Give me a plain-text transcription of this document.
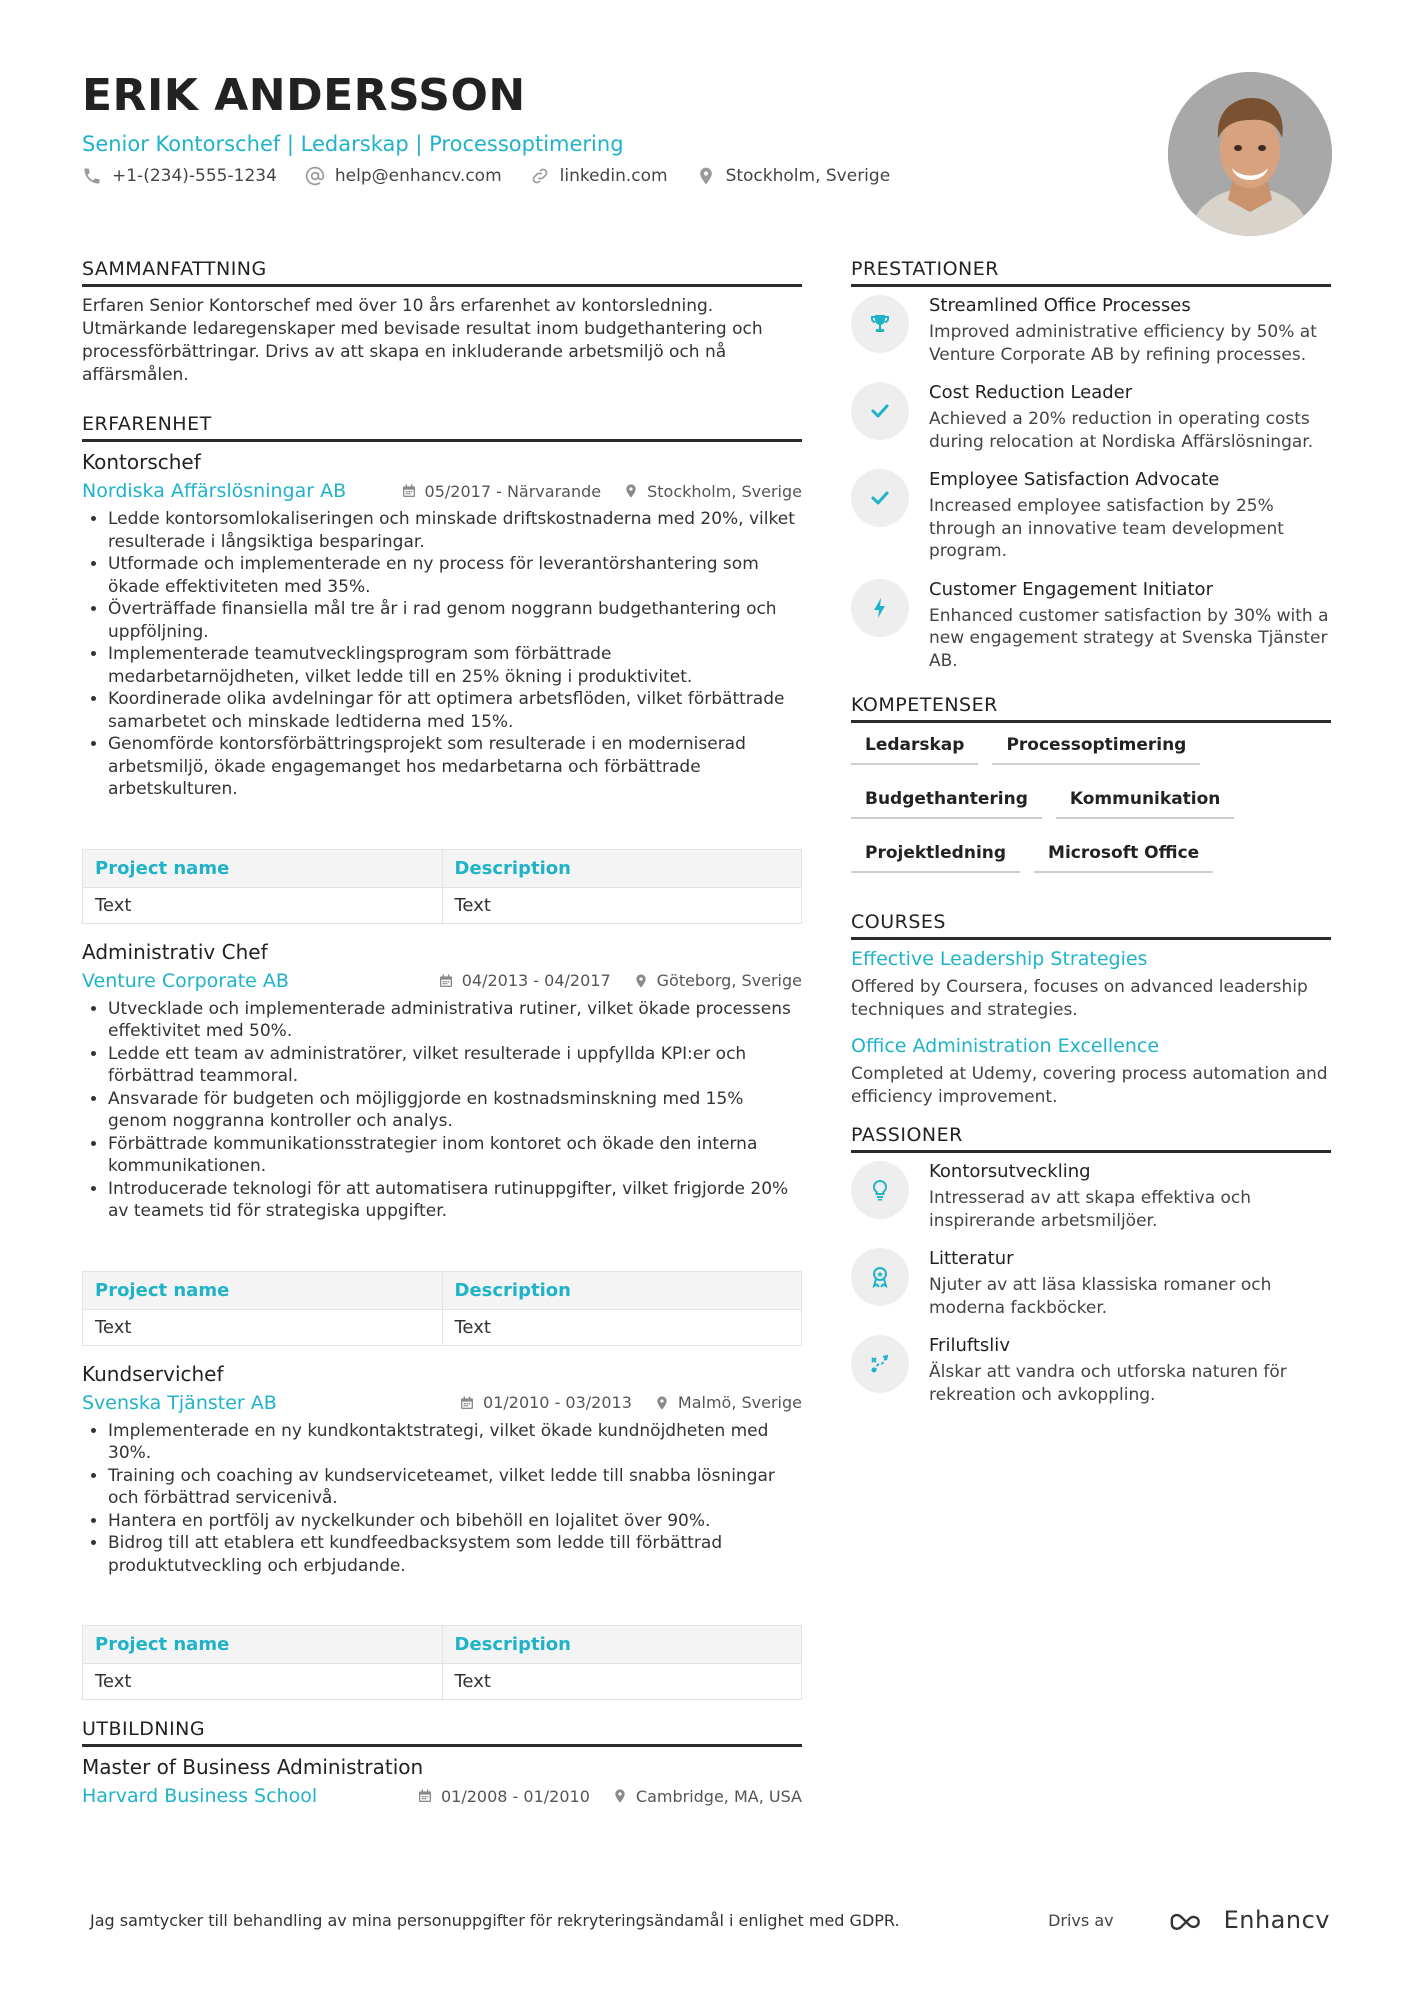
ERIK ANDERSSON
Senior Kontorschef | Ledarskap | Processoptimering
+1-(234)-555-1234	help@enhancv.com	linkedin.com	Stockholm, Sverige
SAMMANFATTNING
Erfaren Senior Kontorschef med över 10 års erfarenhet av kontorsledning. Utmärkande ledaregenskaper med bevisade resultat inom budgethantering och processförbättringar. Drivs av att skapa en inkluderande arbetsmiljö och nå affärsmålen.
ERFARENHET
Kontorschef
Nordiska Affärslösningar AB	05/2017 - Närvarande	Stockholm, Sverige
• Ledde kontorsomlokaliseringen och minskade driftskostnaderna med 20%, vilket resulterade i långsiktiga besparingar.
• Utformade och implementerade en ny process för leverantörshantering som ökade effektiviteten med 35%.
• Överträffade finansiella mål tre år i rad genom noggrann budgethantering och uppföljning.
• Implementerade teamutvecklingsprogram som förbättrade medarbetarnöjdheten, vilket ledde till en 25% ökning i produktivitet.
• Koordinerade olika avdelningar för att optimera arbetsflöden, vilket förbättrade samarbetet och minskade ledtiderna med 15%.
• Genomförde kontorsförbättringsprojekt som resulterade i en moderniserad arbetsmiljö, ökade engagemanget hos medarbetarna och förbättrade arbetskulturen.
Project name	Description
Text	Text
Administrativ Chef
Venture Corporate AB	04/2013 - 04/2017	Göteborg, Sverige
• Utvecklade och implementerade administrativa rutiner, vilket ökade processens effektivitet med 50%.
• Ledde ett team av administratörer, vilket resulterade i uppfyllda KPI:er och förbättrad teammoral.
• Ansvarade för budgeten och möjliggjorde en kostnadsminskning med 15% genom noggranna kontroller och analys.
• Förbättrade kommunikationsstrategier inom kontoret och ökade den interna kommunikationen.
• Introducerade teknologi för att automatisera rutinuppgifter, vilket frigjorde 20% av teamets tid för strategiska uppgifter.
Project name	Description
Text	Text
Kundservichef
Svenska Tjänster AB	01/2010 - 03/2013	Malmö, Sverige
• Implementerade en ny kundkontaktstrategi, vilket ökade kundnöjdheten med 30%.
• Training och coaching av kundserviceteamet, vilket ledde till snabba lösningar och förbättrad servicenivå.
• Hantera en portfölj av nyckelkunder och bibehöll en lojalitet över 90%.
• Bidrog till att etablera ett kundfeedbacksystem som ledde till förbättrad produktutveckling och erbjudande.
Project name	Description
Text	Text
UTBILDNING
Master of Business Administration
Harvard Business School	01/2008 - 01/2010	Cambridge, MA, USA
PRESTATIONER
Streamlined Office Processes
Improved administrative efficiency by 50% at Venture Corporate AB by refining processes.
Cost Reduction Leader
Achieved a 20% reduction in operating costs during relocation at Nordiska Affärslösningar.
Employee Satisfaction Advocate
Increased employee satisfaction by 25% through an innovative team development program.
Customer Engagement Initiator
Enhanced customer satisfaction by 30% with a new engagement strategy at Svenska Tjänster AB.
KOMPETENSER
Ledarskap	Processoptimering
Budgethantering	Kommunikation
Projektledning	Microsoft Office
COURSES
Effective Leadership Strategies
Offered by Coursera, focuses on advanced leadership techniques and strategies.
Office Administration Excellence
Completed at Udemy, covering process automation and efficiency improvement.
PASSIONER
Kontorsutveckling
Intresserad av att skapa effektiva och inspirerande arbetsmiljöer.
Litteratur
Njuter av att läsa klassiska romaner och moderna fackböcker.
Friluftsliv
Älskar att vandra och utforska naturen för rekreation och avkoppling.
Jag samtycker till behandling av mina personuppgifter för rekryteringsändamål i enlighet med GDPR.	Drivs av	Enhancv
